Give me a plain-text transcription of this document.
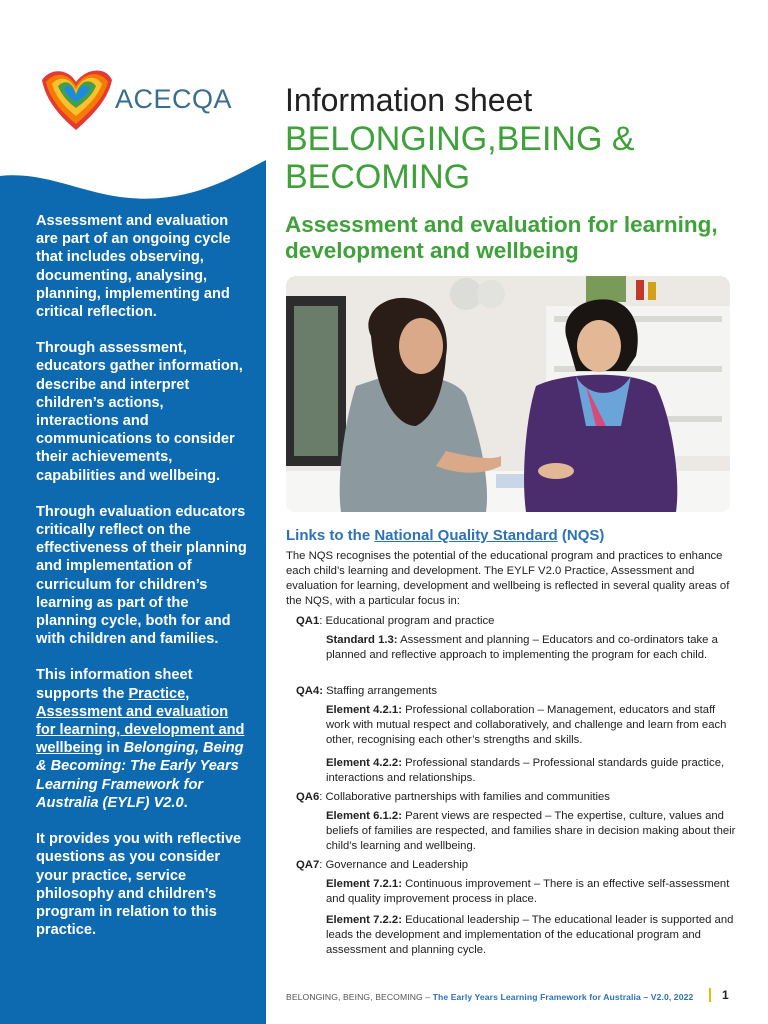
ACECQA

Assessment and evaluation are part of an ongoing cycle that includes observing, documenting, analysing, planning, implementing and critical reflection.

Through assessment, educators gather information, describe and interpret children’s actions, interactions and communications to consider their achievements, capabilities and wellbeing.

Through evaluation educators critically reflect on the effectiveness of their planning and implementation of curriculum for children’s learning as part of the planning cycle, both for and with children and families.

This information sheet supports the Practice, Assessment and evaluation for learning, development and wellbeing in Belonging, Being & Becoming: The Early Years Learning Framework for Australia (EYLF) V2.0.

It provides you with reflective questions as you consider your practice, service philosophy and children’s program in relation to this practice.

Information sheet
BELONGING,BEING & BECOMING
Assessment and evaluation for learning, development and wellbeing
Links to the National Quality Standard (NQS)
The NQS recognises the potential of the educational program and practices to enhance each child’s learning and development. The EYLF V2.0 Practice, Assessment and evaluation for learning, development and wellbeing is reflected in several quality areas of the NQS, with a particular focus in:
QA1: Educational program and practice
Standard 1.3: Assessment and planning – Educators and co-ordinators take a planned and reflective approach to implementing the program for each child.
QA4: Staffing arrangements
Element 4.2.1: Professional collaboration – Management, educators and staff work with mutual respect and collaboratively, and challenge and learn from each other, recognising each other’s strengths and skills.
Element 4.2.2: Professional standards – Professional standards guide practice, interactions and relationships.
QA6: Collaborative partnerships with families and communities
Element 6.1.2: Parent views are respected – The expertise, culture, values and beliefs of families are respected, and families share in decision making about their child’s learning and wellbeing.
QA7: Governance and Leadership
Element 7.2.1: Continuous improvement – There is an effective self-assessment and quality improvement process in place.
Element 7.2.2: Educational leadership – The educational leader is supported and leads the development and implementation of the educational program and assessment and planning cycle.
BELONGING, BEING, BECOMING – The Early Years Learning Framework for Australia – V2.0, 2022 1
